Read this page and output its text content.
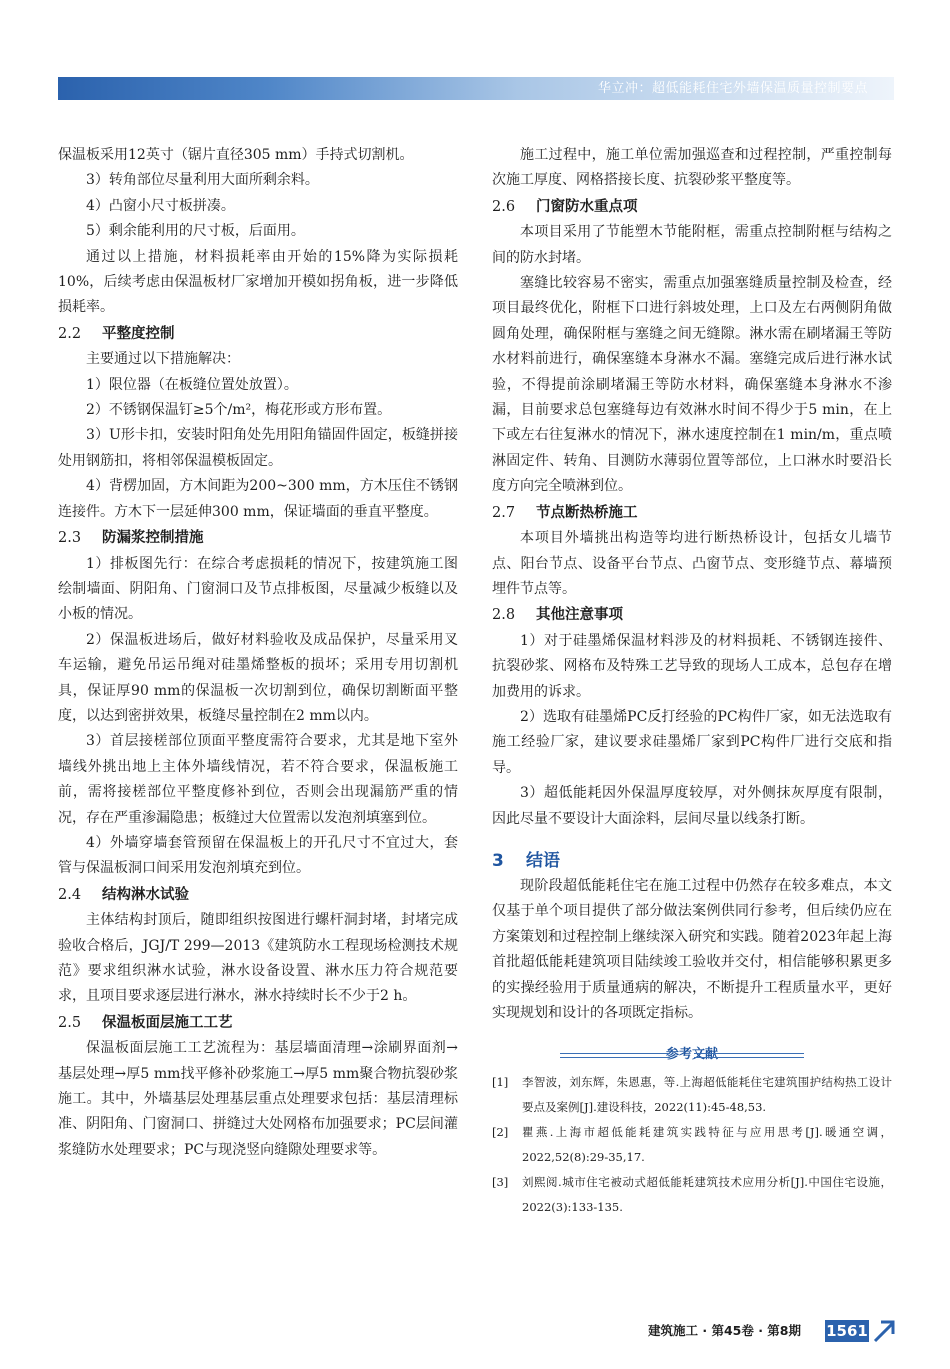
华立冲：超低能耗住宅外墙保温质量控制要点

保温板采用12英寸（锯片直径305 mm）手持式切割机。

3）转角部位尽量利用大面所剩余料。

4）凸窗小尺寸板拼凑。

5）剩余能利用的尺寸板，后面用。

通过以上措施，材料损耗率由开始的15%降为实际损耗10%，后续考虑由保温板材厂家增加开模如拐角板，进一步降低损耗率。

2.2 平整度控制

主要通过以下措施解决：

1）限位器（在板缝位置处放置）。

2）不锈钢保温钉≥5个/m²，梅花形或方形布置。

3）U形卡扣，安装时阳角处先用阳角锚固件固定，板缝拼接处用钢筋扣，将相邻保温模板固定。

4）背楞加固，方木间距为200~300 mm，方木压住不锈钢连接件。方木下一层延伸300 mm，保证墙面的垂直平整度。

2.3 防漏浆控制措施

1）排板图先行：在综合考虑损耗的情况下，按建筑施工图绘制墙面、阴阳角、门窗洞口及节点排板图，尽量减少板缝以及小板的情况。

2）保温板进场后，做好材料验收及成品保护，尽量采用叉车运输，避免吊运吊绳对硅墨烯整板的损坏；采用专用切割机具，保证厚90 mm的保温板一次切割到位，确保切割断面平整度，以达到密拼效果，板缝尽量控制在2 mm以内。

3）首层接槎部位顶面平整度需符合要求，尤其是地下室外墙线外挑出地上主体外墙线情况，若不符合要求，保温板施工前，需将接槎部位平整度修补到位，否则会出现漏筋严重的情况，存在严重渗漏隐患；板缝过大位置需以发泡剂填塞到位。

4）外墙穿墙套管预留在保温板上的开孔尺寸不宜过大，套管与保温板洞口间采用发泡剂填充到位。

2.4 结构淋水试验

主体结构封顶后，随即组织按图进行螺杆洞封堵，封堵完成验收合格后，JGJ/T 299—2013《建筑防水工程现场检测技术规范》要求组织淋水试验，淋水设备设置、淋水压力符合规范要求，且项目要求逐层进行淋水，淋水持续时长不少于2 h。

2.5 保温板面层施工工艺

保温板面层施工工艺流程为：基层墙面清理→涂刷界面剂→基层处理→厚5 mm找平修补砂浆施工→厚5 mm聚合物抗裂砂浆施工。其中，外墙基层处理基层重点处理要求包括：基层清理标准、阴阳角、门窗洞口、拼缝过大处网格布加强要求；PC层间灌浆缝防水处理要求；PC与现浇竖向缝隙处理要求等。

施工过程中，施工单位需加强巡查和过程控制，严重控制每次施工厚度、网格搭接长度、抗裂砂浆平整度等。

2.6 门窗防水重点项

本项目采用了节能塑木节能附框，需重点控制附框与结构之间的防水封堵。

塞缝比较容易不密实，需重点加强塞缝质量控制及检查，经项目最终优化，附框下口进行斜坡处理，上口及左右两侧阴角做圆角处理，确保附框与塞缝之间无缝隙。淋水需在刷堵漏王等防水材料前进行，确保塞缝本身淋水不漏。塞缝完成后进行淋水试验，不得提前涂刷堵漏王等防水材料，确保塞缝本身淋水不渗漏，目前要求总包塞缝每边有效淋水时间不得少于5 min，在上下或左右往复淋水的情况下，淋水速度控制在1 min/m，重点喷淋固定件、转角、目测防水薄弱位置等部位，上口淋水时要沿长度方向完全喷淋到位。

2.7 节点断热桥施工

本项目外墙挑出构造等均进行断热桥设计，包括女儿墙节点、阳台节点、设备平台节点、凸窗节点、变形缝节点、幕墙预埋件节点等。

2.8 其他注意事项

1）对于硅墨烯保温材料涉及的材料损耗、不锈钢连接件、抗裂砂浆、网格布及特殊工艺导致的现场人工成本，总包存在增加费用的诉求。

2）选取有硅墨烯PC反打经验的PC构件厂家，如无法选取有施工经验厂家，建议要求硅墨烯厂家到PC构件厂进行交底和指导。

3）超低能耗因外保温厚度较厚，对外侧抹灰厚度有限制，因此尽量不要设计大面涂料，层间尽量以线条打断。

3 结语

现阶段超低能耗住宅在施工过程中仍然存在较多难点，本文仅基于单个项目提供了部分做法案例供同行参考，但后续仍应在方案策划和过程控制上继续深入研究和实践。随着2023年起上海首批超低能耗建筑项目陆续竣工验收并交付，相信能够积累更多的实操经验用于质量通病的解决，不断提升工程质量水平，更好实现规划和设计的各项既定指标。

参考文献
[1]	李智波，刘东辉，朱恩惠，等.上海超低能耗住宅建筑围护结构热工设计要点及案例[J].建设科技，2022(11):45-48,53.
[2]	瞿燕.上海市超低能耗建筑实践特征与应用思考[J].暖通空调，2022,52(8):29-35,17.
[3]	刘熙阅.城市住宅被动式超低能耗建筑技术应用分析[J].中国住宅设施，2022(3):133-135.
建筑施工 · 第45卷 · 第8期 1561
